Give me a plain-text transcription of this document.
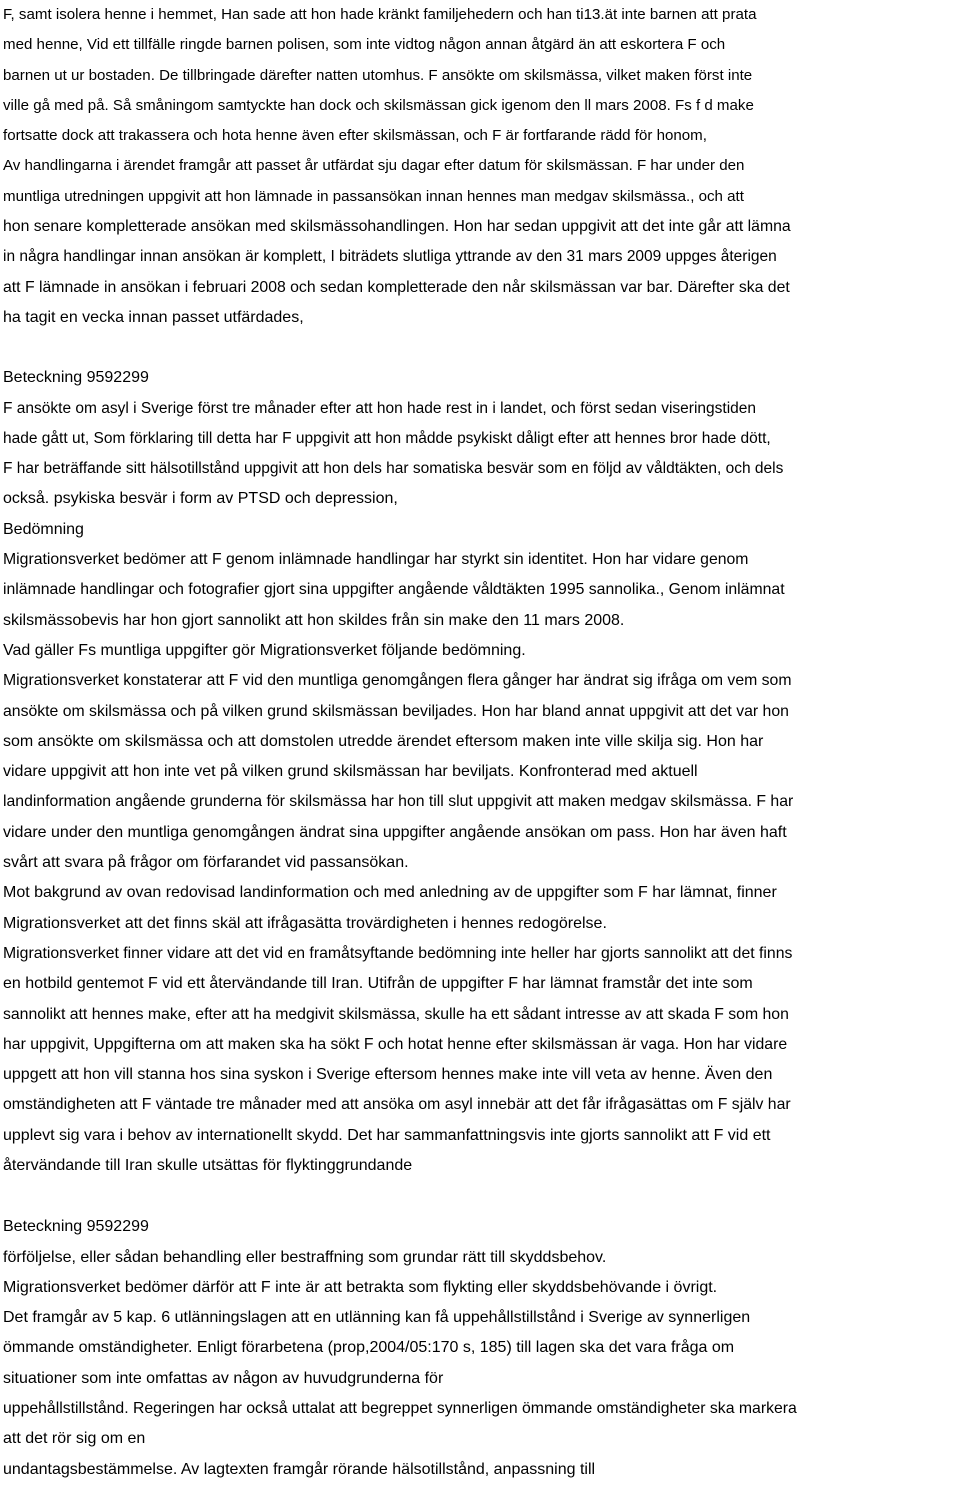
F, samt isolera henne i hemmet, Han sade att hon hade kränkt familjehedern och han ti13.ät inte barnen att prata
med henne, Vid ett tillfälle ringde barnen polisen, som inte vidtog någon annan åtgärd än att eskortera F och
barnen ut ur bostaden. De tillbringade därefter natten utomhus. F ansökte om skilsmässa, vilket maken först inte
ville gå med på. Så småningom samtyckte han dock och skilsmässan gick igenom den ll mars 2008. Fs f d make
fortsatte dock att trakassera och hota henne även efter skilsmässan, och F är fortfarande rädd för honom,
Av handlingarna i ärendet framgår att passet år utfärdat sju dagar efter datum för skilsmässan. F har under den
muntliga utredningen uppgivit att hon lämnade in passansökan innan hennes man medgav skilsmässa., och att
hon senare kompletterade ansökan med skilsmässohandlingen. Hon har sedan uppgivit att det inte går att lämna
in några handlingar innan ansökan är komplett, I biträdets slutliga yttrande av den 31 mars 2009 uppges återigen
att F lämnade in ansökan i februari 2008 och sedan kompletterade den når skilsmässan var bar. Därefter ska det
ha tagit en vecka innan passet utfärdades,
Beteckning 9592299
F ansökte om asyl i Sverige först tre månader efter att hon hade rest in i landet, och först sedan viseringstiden
hade gått ut, Som förklaring till detta har F uppgivit att hon mådde psykiskt dåligt efter att hennes bror hade dött,
F har beträffande sitt hälsotillstånd uppgivit att hon dels har somatiska besvär som en följd av våldtäkten, och dels
också. psykiska besvär i form av PTSD och depression,
Bedömning
Migrationsverket bedömer att F genom inlämnade handlingar har styrkt sin identitet. Hon har vidare genom
inlämnade handlingar och fotografier gjort sina uppgifter angående våldtäkten 1995 sannolika., Genom inlämnat
skilsmässobevis har hon gjort sannolikt att hon skildes från sin make den 11 mars 2008.
Vad gäller Fs muntliga uppgifter gör Migrationsverket följande bedömning.
Migrationsverket konstaterar att F vid den muntliga genomgången flera gånger har ändrat sig ifråga om vem som
ansökte om skilsmässa och på vilken grund skilsmässan beviljades. Hon har bland annat uppgivit att det var hon
som ansökte om skilsmässa och att domstolen utredde ärendet eftersom maken inte ville skilja sig. Hon har
vidare uppgivit att hon inte vet på vilken grund skilsmässan har beviljats. Konfronterad med aktuell
landinformation angående grunderna för skilsmässa har hon till slut uppgivit att maken medgav skilsmässa. F har
vidare under den muntliga genomgången ändrat sina uppgifter angående ansökan om pass. Hon har även haft
svårt att svara på frågor om förfarandet vid passansökan.
Mot bakgrund av ovan redovisad landinformation och med anledning av de uppgifter som F har lämnat, finner
Migrationsverket att det finns skäl att ifrågasätta trovärdigheten i hennes redogörelse.
Migrationsverket finner vidare att det vid en framåtsyftande bedömning inte heller har gjorts sannolikt att det finns
en hotbild gentemot F vid ett återvändande till Iran. Utifrån de uppgifter F har lämnat framstår det inte som
sannolikt att hennes make, efter att ha medgivit skilsmässa, skulle ha ett sådant intresse av att skada F som hon
har uppgivit, Uppgifterna om att maken ska ha sökt F och hotat henne efter skilsmässan är vaga. Hon har vidare
uppgett att hon vill stanna hos sina syskon i Sverige eftersom hennes make inte vill veta av henne. Även den
omständigheten att F väntade tre månader med att ansöka om asyl innebär att det får ifrågasättas om F själv har
upplevt sig vara i behov av internationellt skydd. Det har sammanfattningsvis inte gjorts sannolikt att F vid ett
återvändande till Iran skulle utsättas för flyktinggrundande
Beteckning 9592299
förföljelse, eller sådan behandling eller bestraffning som grundar rätt till skyddsbehov.
Migrationsverket bedömer därför att F inte är att betrakta som flykting eller skyddsbehövande i övrigt.
Det framgår av 5 kap. 6 utlänningslagen att en utlänning kan få uppehållstillstånd i Sverige av synnerligen
ömmande omständigheter. Enligt förarbetena (prop,2004/05:170 s, 185) till lagen ska det vara fråga om
situationer som inte omfattas av någon av huvudgrunderna för
uppehållstillstånd. Regeringen har också uttalat att begreppet synnerligen ömmande omständigheter ska markera
att det rör sig om en
undantagsbestämmelse. Av lagtexten framgår rörande hälsotillstånd, anpassning till
